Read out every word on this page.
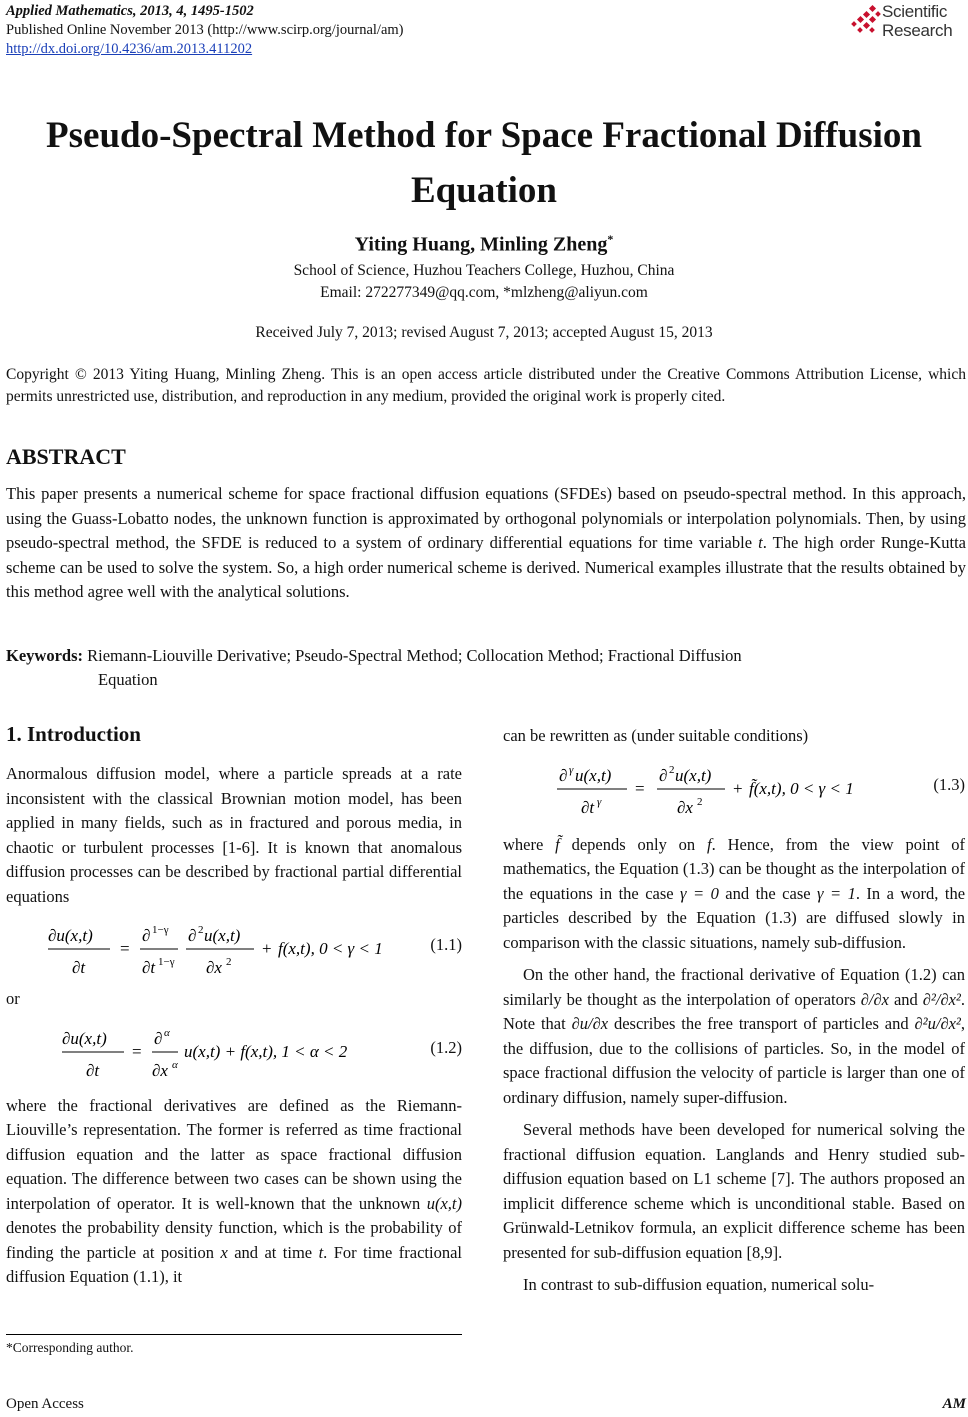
Applied Mathematics, 2013, 4, 1495-1502
Published Online November 2013 (http://www.scirp.org/journal/am)
http://dx.doi.org/10.4236/am.2013.411202
Scientific
Research
Pseudo-Spectral Method for Space Fractional Diffusion
Equation
Yiting Huang, Minling Zheng*
School of Science, Huzhou Teachers College, Huzhou, China
Email: 272277349@qq.com, *mlzheng@aliyun.com
Received July 7, 2013; revised August 7, 2013; accepted August 15, 2013
Copyright © 2013 Yiting Huang, Minling Zheng. This is an open access article distributed under the Creative Commons Attribution License, which permits unrestricted use, distribution, and reproduction in any medium, provided the original work is properly cited.
ABSTRACT
This paper presents a numerical scheme for space fractional diffusion equations (SFDEs) based on pseudo-spectral method. In this approach, using the Guass-Lobatto nodes, the unknown function is approximated by orthogonal polynomials or interpolation polynomials. Then, by using pseudo-spectral method, the SFDE is reduced to a system of ordinary differential equations for time variable t. The high order Runge-Kutta scheme can be used to solve the system. So, a high order numerical scheme is derived. Numerical examples illustrate that the results obtained by this method agree well with the analytical solutions.
Keywords: Riemann-Liouville Derivative; Pseudo-Spectral Method; Collocation Method; Fractional Diffusion
Equation
1. Introduction
Anormalous diffusion model, where a particle spreads at a rate inconsistent with the classical Brownian motion model, has been applied in many fields, such as in fractured and porous media, in chaotic or turbulent processes [1-6]. It is known that anomalous diffusion processes can be described by fractional partial differential equations
∂u(x,t)
∂t
=
∂ 1−γ
∂t 1−γ
∂ 2 u(x,t)
∂x 2
+ f(x,t), 0 < γ < 1	(1.1)
or
∂u(x,t)
∂t
=
∂ α
∂x α
u(x,t) + f(x,t), 1 < α < 2	(1.2)
where the fractional derivatives are defined as the Riemann-Liouville’s representation. The former is referred as time fractional diffusion equation and the latter as space fractional diffusion equation. The difference between two cases can be shown using the interpolation of operator. It is well-known that the unknown u(x,t) denotes the probability density function, which is the probability of finding the particle at position x and at time t. For time fractional diffusion Equation (1.1), it
can be rewritten as (under suitable conditions)
∂ γ u(x,t)
∂t γ
=
∂ 2 u(x,t)
∂x 2
+ f̃(x,t), 0 < γ < 1	(1.3)
where f̃ depends only on f. Hence, from the view point of mathematics, the Equation (1.3) can be thought as the interpolation of the equations in the case γ = 0 and the case γ = 1. In a word, the particles described by the Equation (1.3) are diffused slowly in comparison with the classic situations, namely sub-diffusion.
On the other hand, the fractional derivative of Equation (1.2) can similarly be thought as the interpolation of operators ∂/∂x and ∂²/∂x². Note that ∂u/∂x describes the free transport of particles and ∂²u/∂x², the diffusion, due to the collisions of particles. So, in the model of space fractional diffusion the velocity of particle is larger than one of ordinary diffusion, namely super-diffusion.
Several methods have been developed for numerical solving the fractional diffusion equation. Langlands and Henry studied sub-diffusion equation based on L1 scheme [7]. The authors proposed an implicit difference scheme which is unconditional stable. Based on Grünwald-Letnikov formula, an explicit difference scheme has been presented for sub-diffusion equation [8,9].
In contrast to sub-diffusion equation, numerical solu-
*Corresponding author.
Open Access	AM
